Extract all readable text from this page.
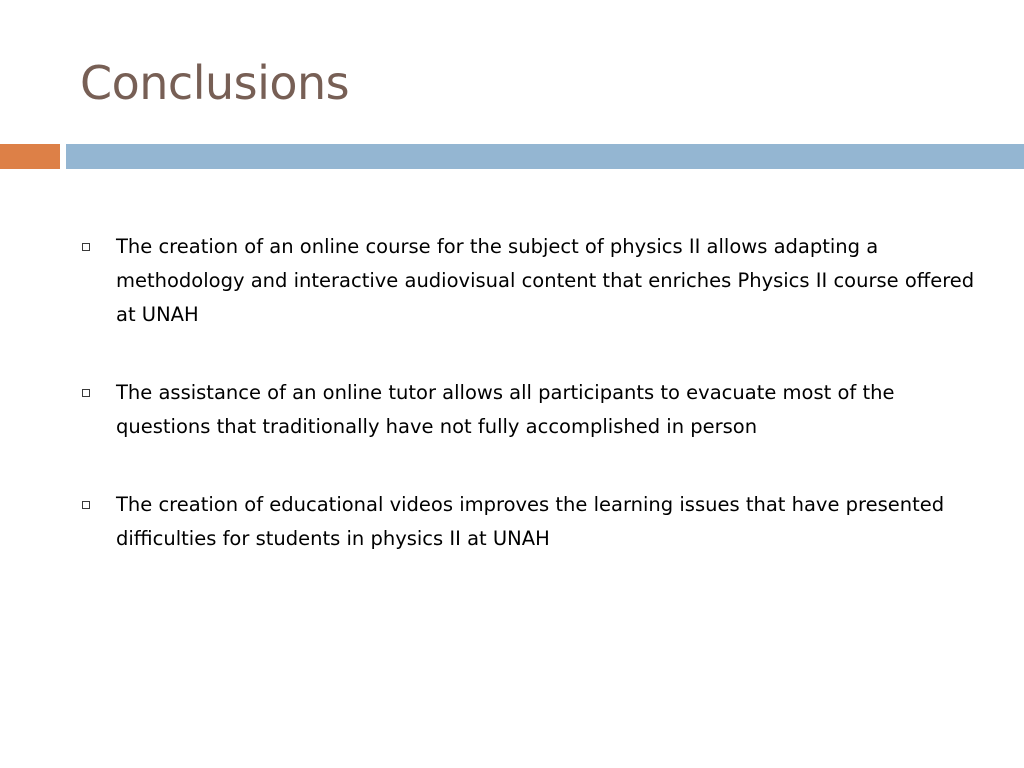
Conclusions
The creation of an online course for the subject of physics II allows adapting a methodology and interactive audiovisual content that enriches Physics II course offered at UNAH
The assistance of an online tutor allows all participants to evacuate most of the questions that traditionally have not fully accomplished in person
The creation of educational videos improves the learning issues that have presented difficulties for students in physics II at UNAH
